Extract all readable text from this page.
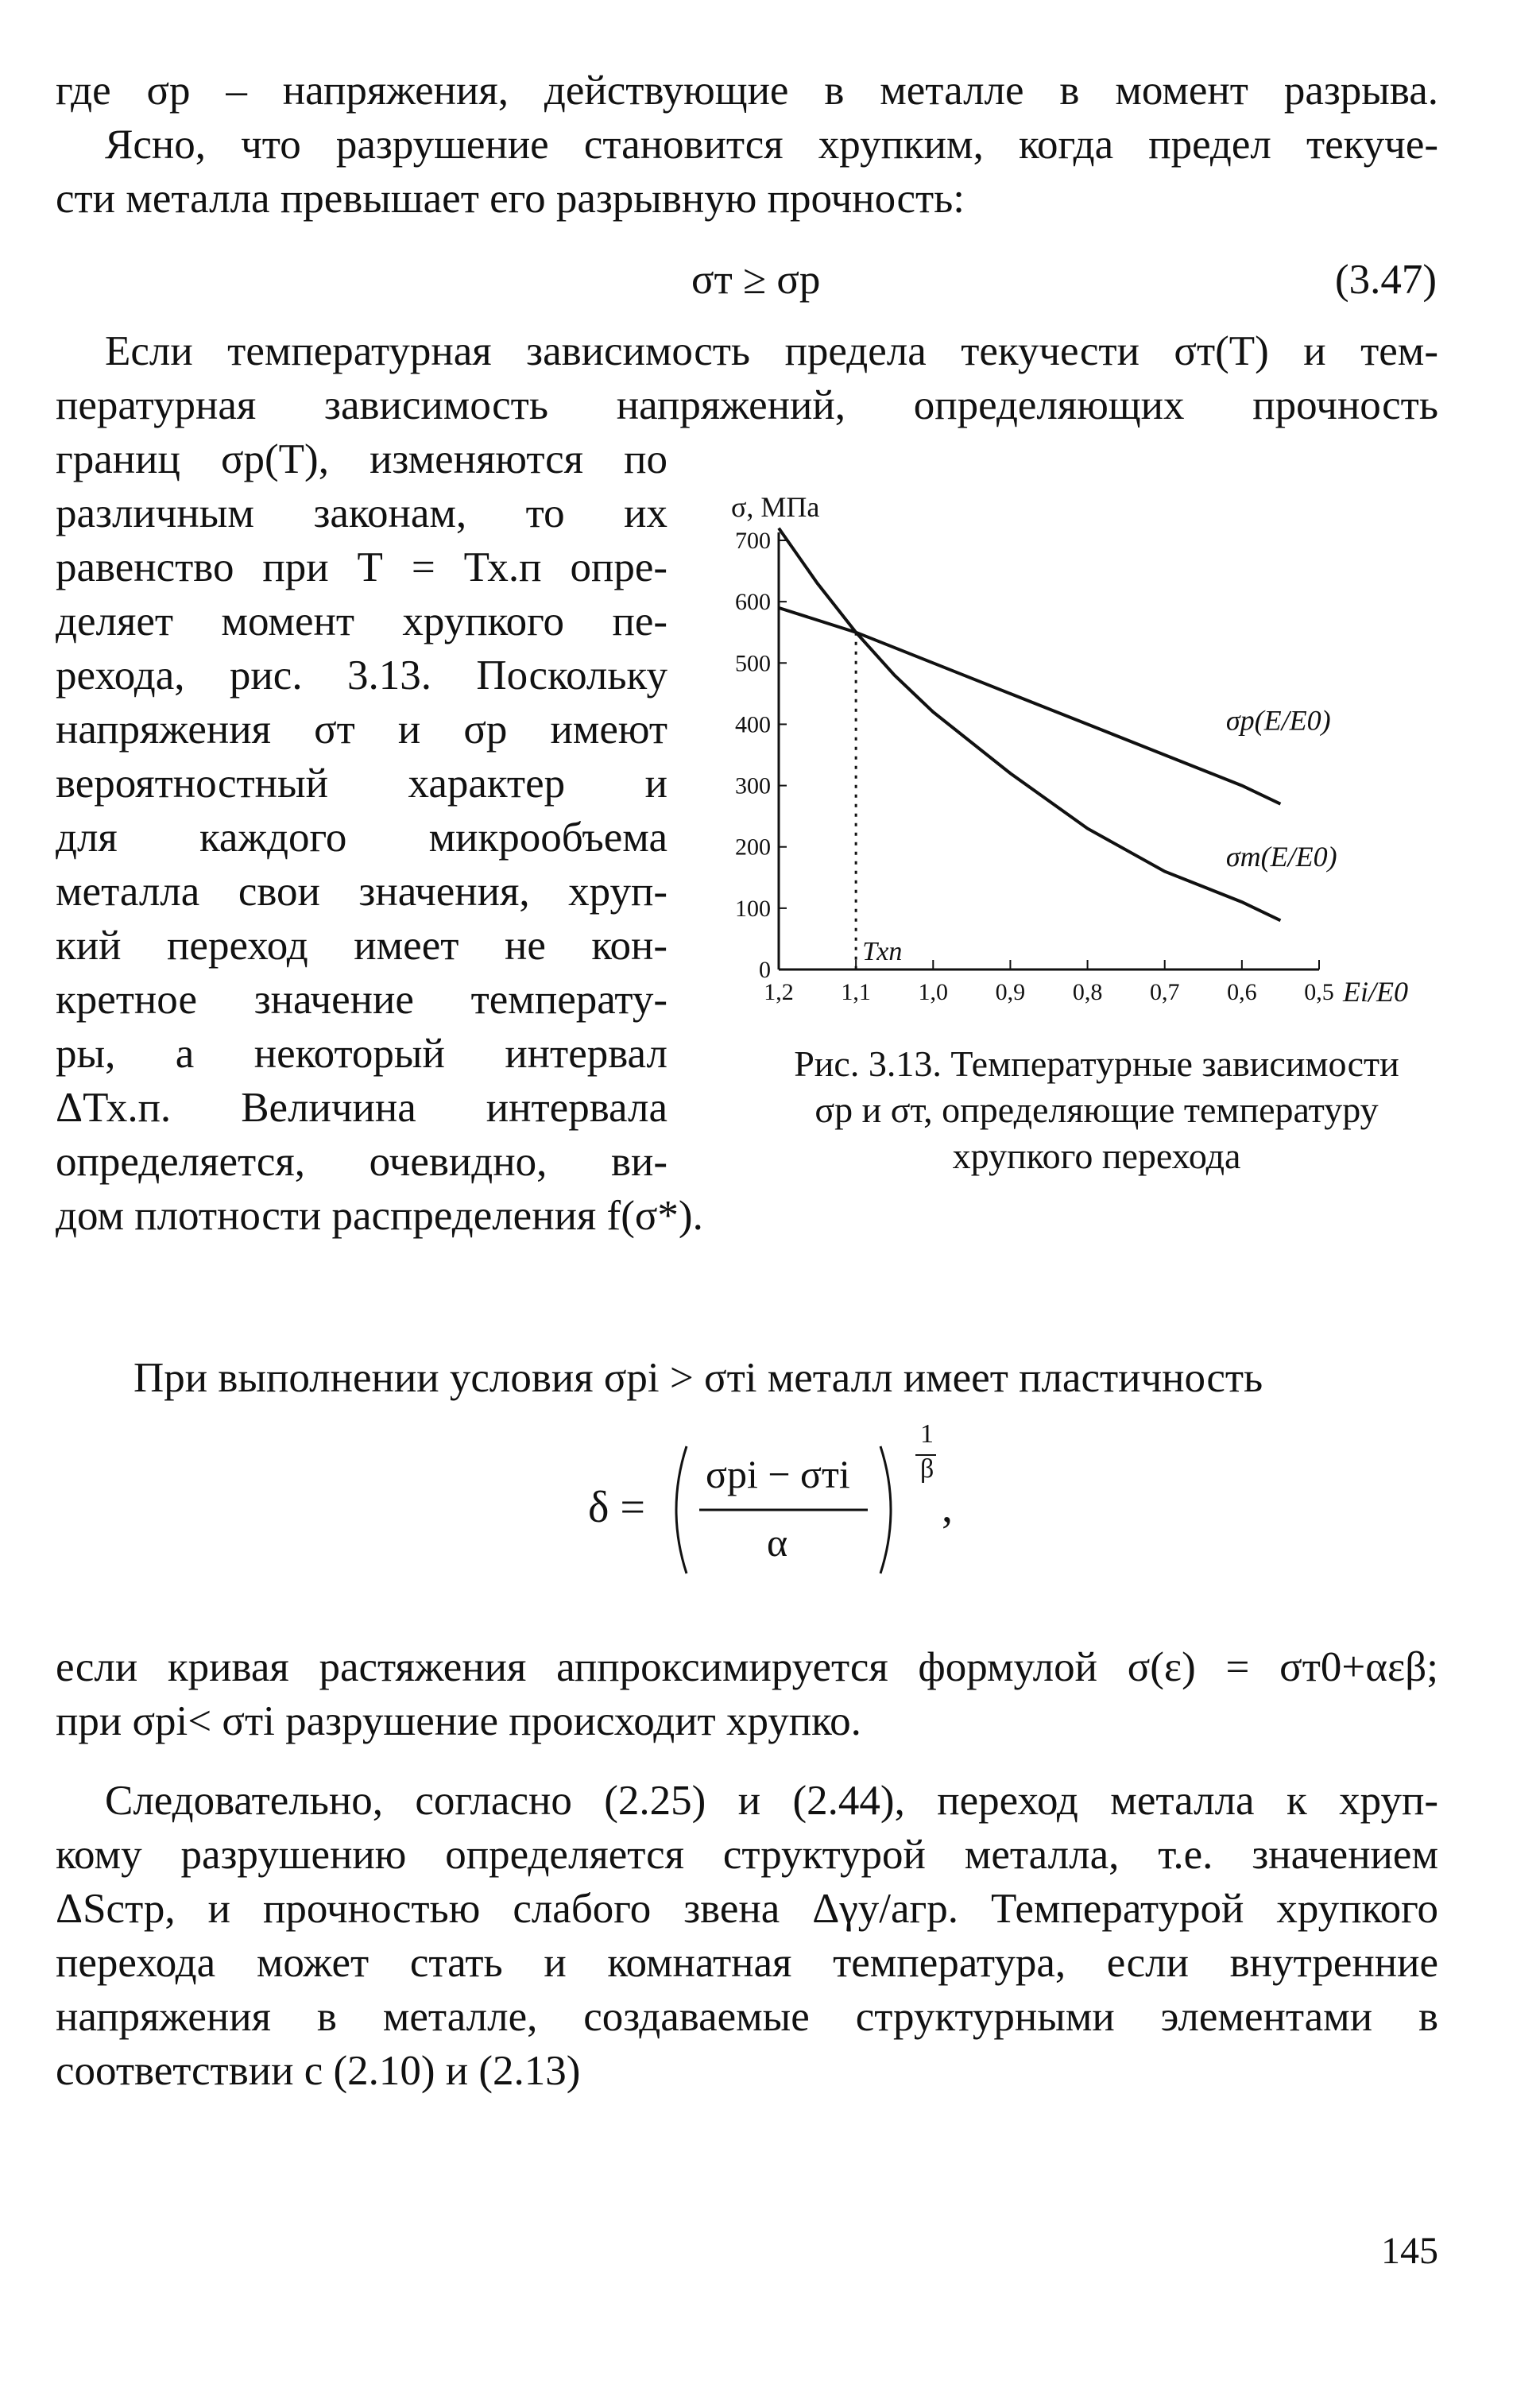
где σр – напряжения, действующие в металле в момент разрыва.
Ясно, что разрушение становится хрупким, когда предел текуче-
сти металла превышает его разрывную прочность:
σт ≥ σр	(3.47)
Если температурная зависимость предела текучести σт(Т) и тем-
пературная зависимость напряжений, определяющих прочность
границ σр(Т), изменяются по
различным законам, то их
равенство при Т = Тх.п опре-
деляет момент хрупкого пе-
рехода, рис. 3.13. Поскольку
напряжения σт и σр имеют
вероятностный характер и
для каждого микрообъема
металла свои значения, хруп-
кий переход имеет не кон-
кретное значение температу-
ры, а некоторый интервал
ΔТх.п. Величина интервала
определяется, очевидно, ви-
дом плотности распределения f(σ*).
σ, МПа
0
100
200
300
400
500
600
700
1,2 1,1 1,0 0,9 0,8 0,7 0,6 0,5
Тхп
σр(E/E0)
σт(E/E0)
Ei/E0
Рис. 3.13. Температурные зависимости
σр и σт, определяющие температуру
хрупкого перехода
При выполнении условия σрi > σтi металл имеет пластичность
δ =
σрi − σтi
α
1
β
,
если кривая растяжения аппроксимируется формулой σ(ε) = σт0+αεβ;
при σрi< σтi разрушение происходит хрупко.
Следовательно, согласно (2.25) и (2.44), переход металла к хруп-
кому разрушению определяется структурой металла, т.е. значением
ΔSстр, и прочностью слабого звена Δγу/агр. Температурой хрупкого
перехода может стать и комнатная температура, если внутренние
напряжения в металле, создаваемые структурными элементами в
соответствии с (2.10) и (2.13)
145
